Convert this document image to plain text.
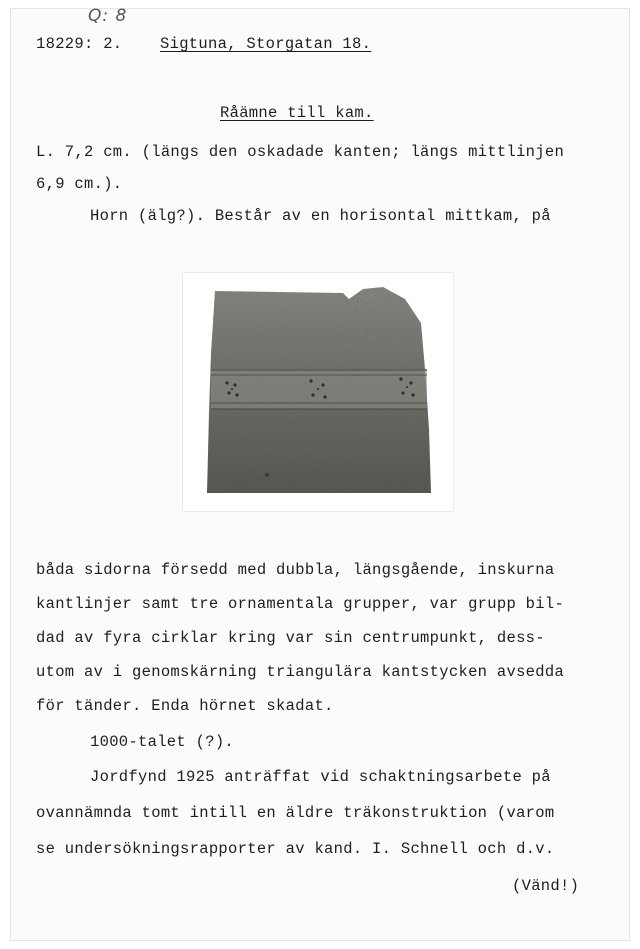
Q: 8
18229: 2. Sigtuna, Storgatan 18.
Råämne till kam.
L. 7,2 cm. (längs den oskadade kanten; längs mittlinjen
6,9 cm.).
Horn (älg?). Består av en horisontal mittkam, på
båda sidorna försedd med dubbla, längsgående, inskurna
kantlinjer samt tre ornamentala grupper, var grupp bil-
dad av fyra cirklar kring var sin centrumpunkt, dess-
utom av i genomskärning triangulära kantstycken avsedda
för tänder. Enda hörnet skadat.
1000-talet (?).
Jordfynd 1925 anträffat vid schaktningsarbete på
ovannämnda tomt intill en äldre träkonstruktion (varom
se undersökningsrapporter av kand. I. Schnell och d.v.
(Vänd!)
